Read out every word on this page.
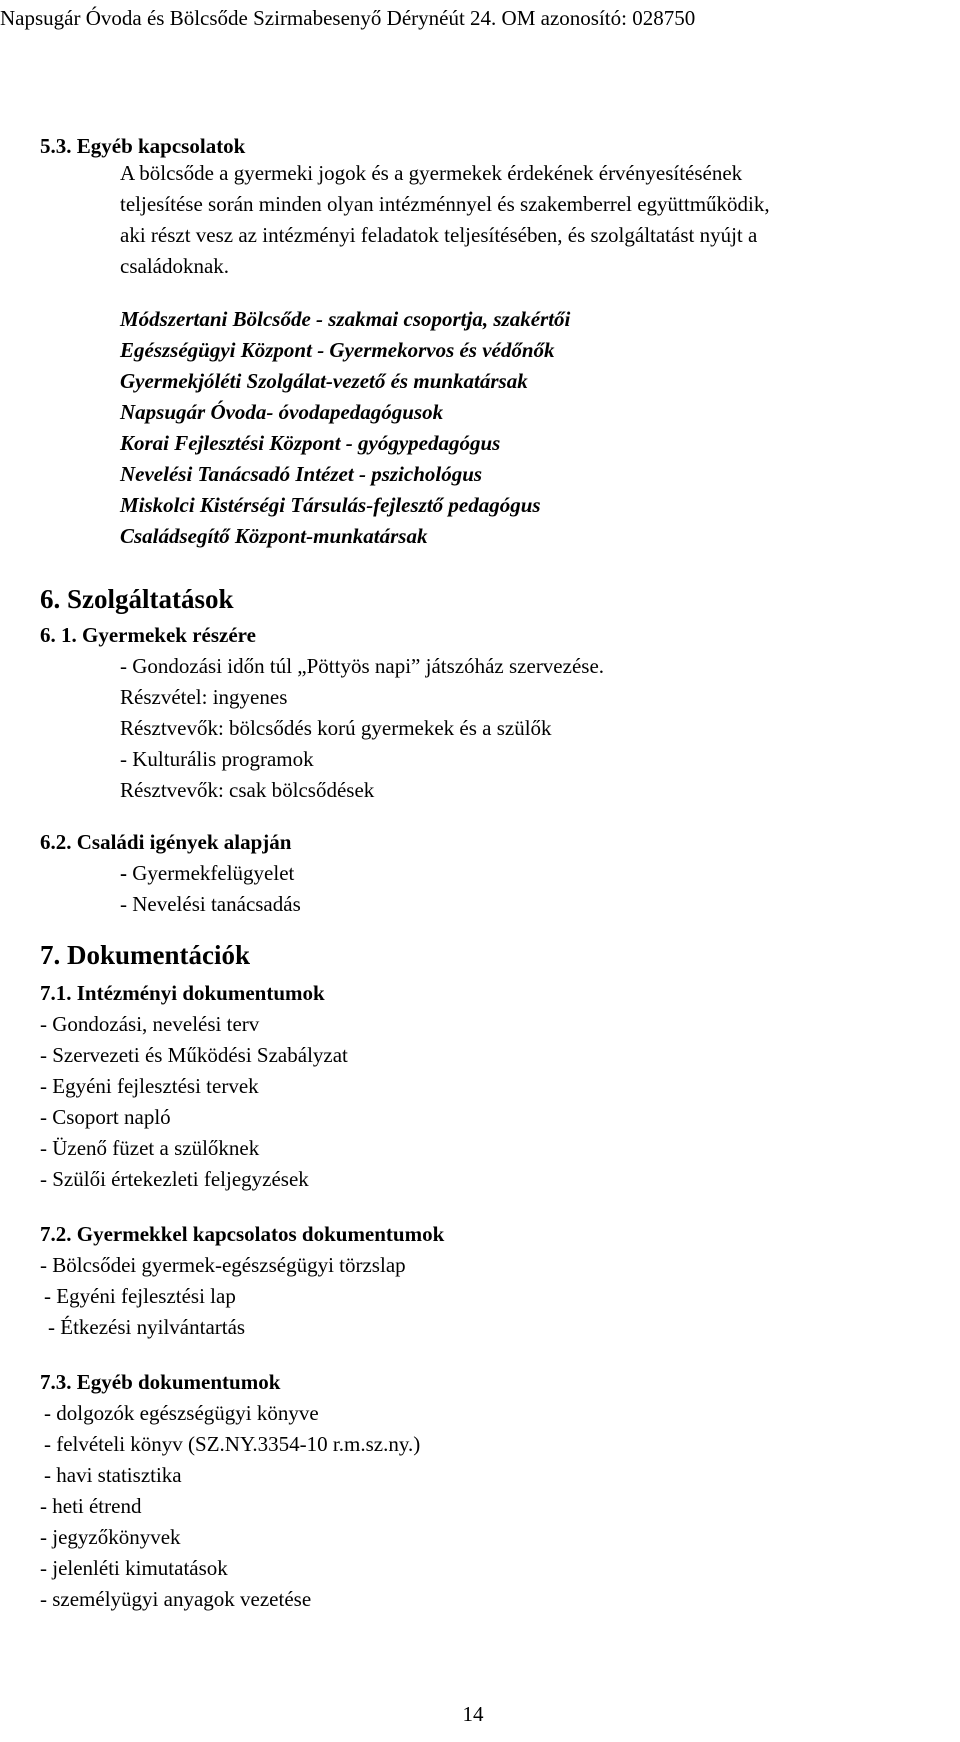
Napsugár Óvoda és Bölcsőde Szirmabesenyő Dérynéút 24. OM azonosító: 028750
5.3. Egyéb kapcsolatok
A bölcsőde a gyermeki jogok és a gyermekek érdekének érvényesítésének
teljesítése során minden olyan intézménnyel és szakemberrel együttműködik,
aki részt vesz az intézményi feladatok teljesítésében, és szolgáltatást nyújt a
családoknak.
Módszertani Bölcsőde - szakmai csoportja, szakértői
Egészségügyi Központ - Gyermekorvos és védőnők
Gyermekjóléti Szolgálat-vezető és munkatársak
Napsugár Óvoda- óvodapedagógusok
Korai Fejlesztési Központ - gyógypedagógus
Nevelési Tanácsadó Intézet - pszichológus
Miskolci Kistérségi Társulás-fejlesztő pedagógus
Családsegítő Központ-munkatársak
6. Szolgáltatások
6. 1. Gyermekek részére
- Gondozási időn túl „Pöttyös napi” játszóház szervezése.
Részvétel: ingyenes
Résztvevők: bölcsődés korú gyermekek és a szülők
- Kulturális programok
Résztvevők: csak bölcsődések
6.2. Családi igények alapján
- Gyermekfelügyelet
- Nevelési tanácsadás
7. Dokumentációk
7.1. Intézményi dokumentumok
- Gondozási, nevelési terv
- Szervezeti és Működési Szabályzat
- Egyéni fejlesztési tervek
- Csoport napló
- Üzenő füzet a szülőknek
- Szülői értekezleti feljegyzések
7.2. Gyermekkel kapcsolatos dokumentumok
- Bölcsődei gyermek-egészségügyi törzslap
- Egyéni fejlesztési lap
- Étkezési nyilvántartás
7.3. Egyéb dokumentumok
- dolgozók egészségügyi könyve
- felvételi könyv (SZ.NY.3354-10 r.m.sz.ny.)
- havi statisztika
- heti étrend
- jegyzőkönyvek
- jelenléti kimutatások
- személyügyi anyagok vezetése
14
